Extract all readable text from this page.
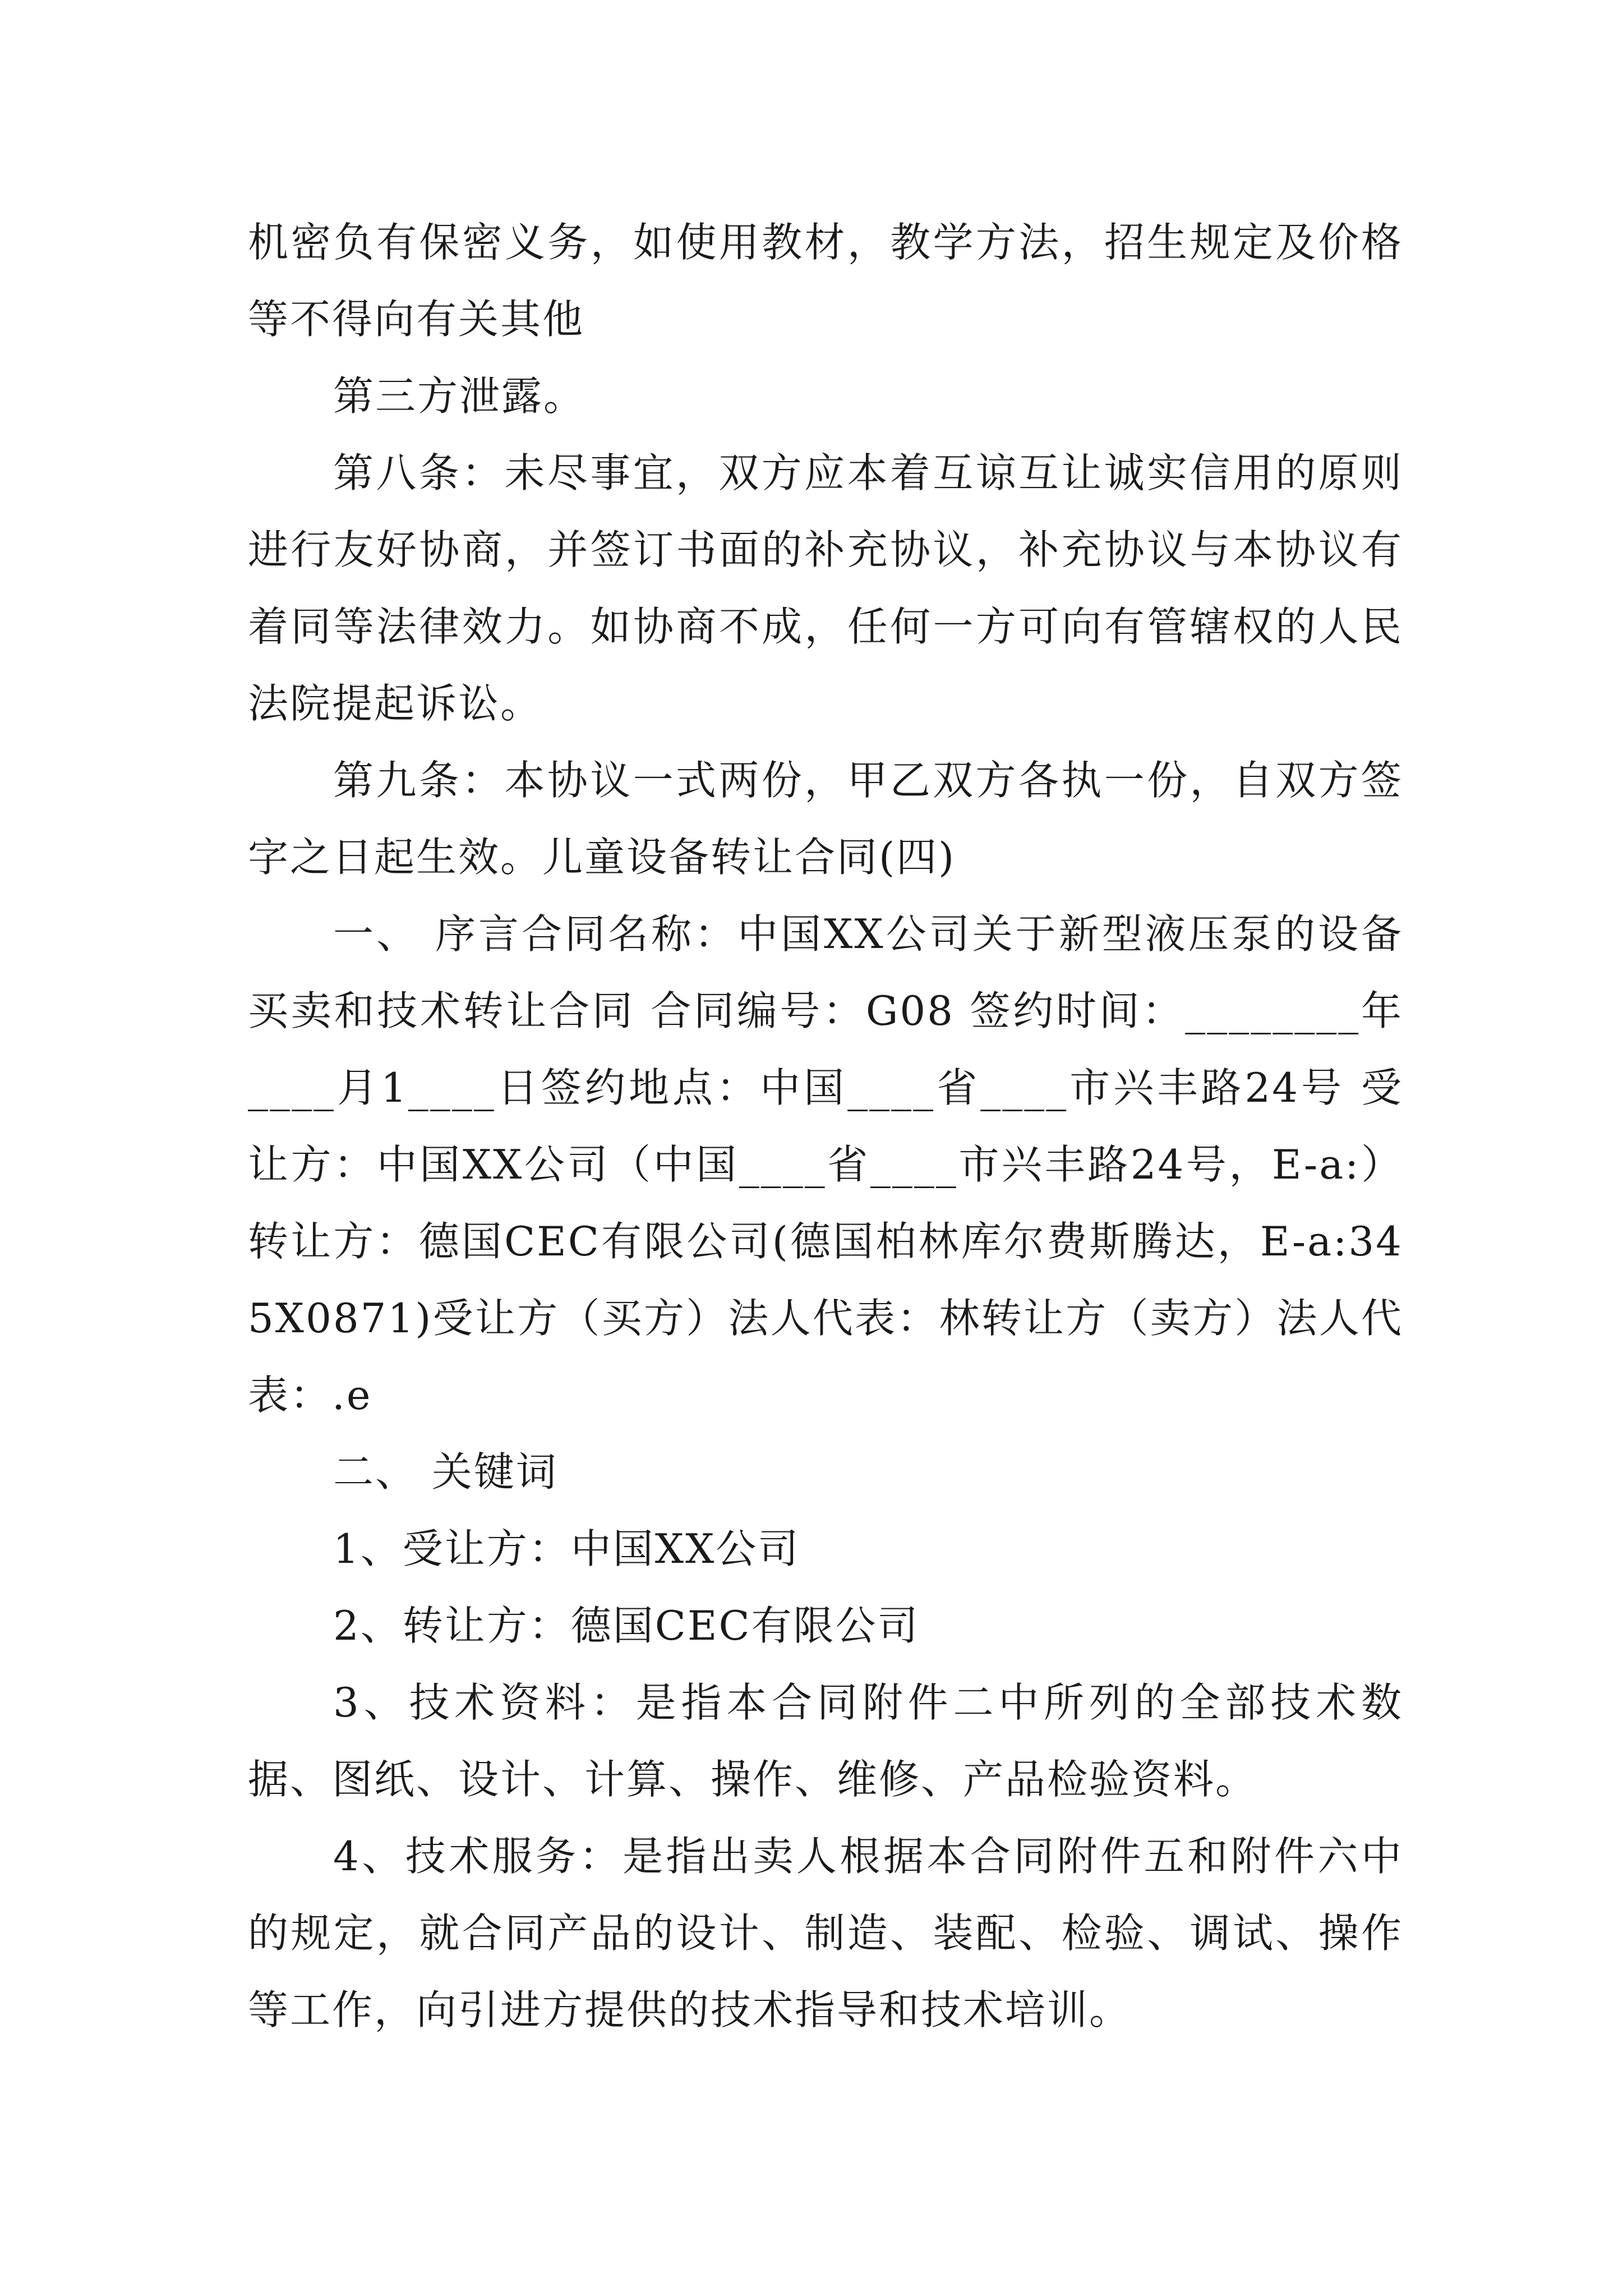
机密负有保密义务，如使用教材，教学方法，招生规定及价格等不得向有关其他

第三方泄露。

第八条：未尽事宜，双方应本着互谅互让诚实信用的原则进行友好协商，并签订书面的补充协议，补充协议与本协议有着同等法律效力。如协商不成，任何一方可向有管辖权的人民法院提起诉讼。

第九条：本协议一式两份，甲乙双方各执一份，自双方签字之日起生效。儿童设备转让合同(四)

一、 序言合同名称：中国XX公司关于新型液压泵的设备买卖和技术转让合同 合同编号：G08 签约时间：________年____月1____日签约地点：中国____省____市兴丰路24号 受让方：中国XX公司（中国____省____市兴丰路24号，E-a:）转让方：德国CEC有限公司(德国柏林库尔费斯腾达，E-a:345X0871)受让方（买方）法人代表：林转让方（卖方）法人代表：.e

二、 关键词

1、受让方：中国XX公司

2、转让方：德国CEC有限公司

3、技术资料：是指本合同附件二中所列的全部技术数据、图纸、设计、计算、操作、维修、产品检验资料。

4、技术服务：是指出卖人根据本合同附件五和附件六中的规定，就合同产品的设计、制造、装配、检验、调试、操作等工作，向引进方提供的技术指导和技术培训。
